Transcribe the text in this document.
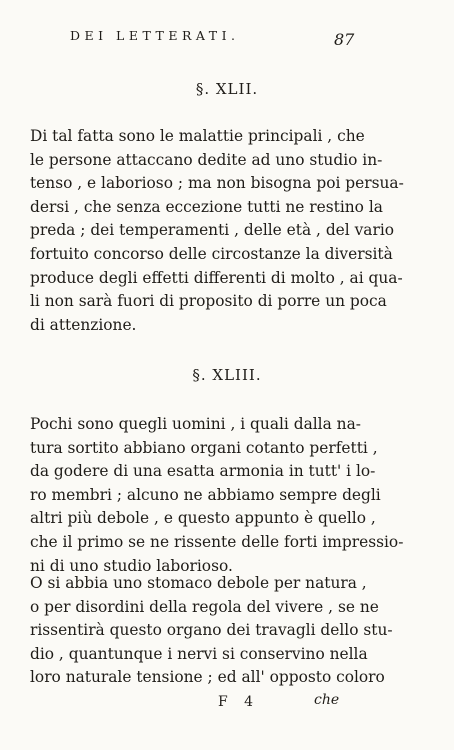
DEI LETTERATI.	87
§. XLII.
Di tal fatta sono le malattie principali , che
le persone attaccano dedite ad uno studio in-
tenso , e laborioso ; ma non bisogna poi persua-
dersi , che senza eccezione tutti ne restino la
preda ; dei temperamenti , delle età , del vario
fortuito concorso delle circostanze la diversità
produce degli effetti differenti di molto , ai qua-
li non sarà fuori di proposito di porre un poca
di attenzione.
§. XLIII.
Pochi sono quegli uomini , i quali dalla na-
tura sortito abbiano organi cotanto perfetti ,
da godere di una esatta armonia in tutt' i lo-
ro membri ; alcuno ne abbiamo sempre degli
altri più debole , e questo appunto è quello ,
che il primo se ne rissente delle forti impressio-
ni di uno studio laborioso.
O si abbia uno stomaco debole per natura ,
o per disordini della regola del vivere , se ne
rissentirà questo organo dei travagli dello stu-
dio , quantunque i nervi si conservino nella
loro naturale tensione ; ed all' opposto coloro
F 4	che
